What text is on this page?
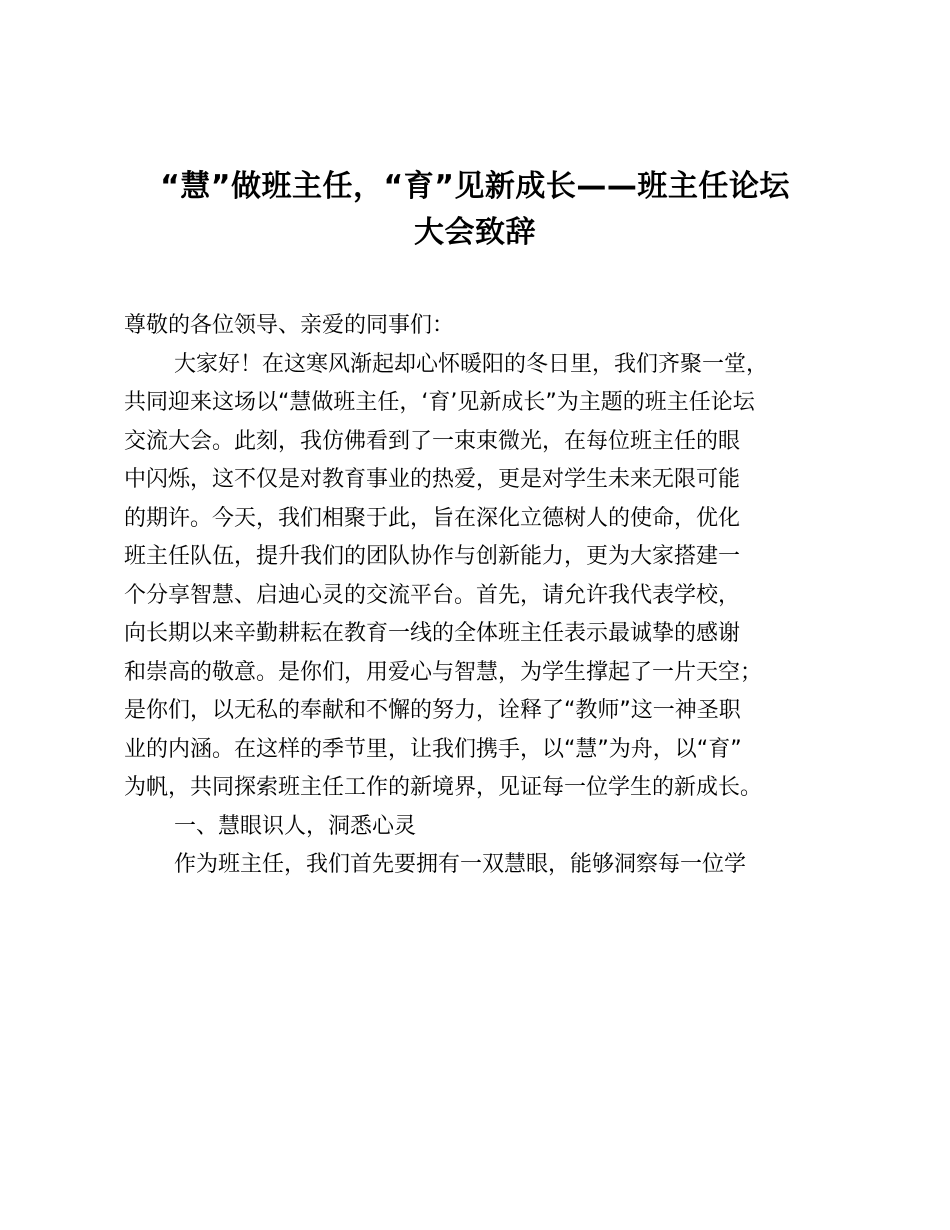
“慧”做班主任，“育”见新成长——班主任论坛
大会致辞

尊敬的各位领导、亲爱的同事们：

大家好！在这寒风渐起却心怀暖阳的冬日里，我们齐聚一堂，
共同迎来这场以“慧做班主任，‘育’见新成长”为主题的班主任论坛
交流大会。此刻，我仿佛看到了一束束微光，在每位班主任的眼
中闪烁，这不仅是对教育事业的热爱，更是对学生未来无限可能
的期许。今天，我们相聚于此，旨在深化立德树人的使命，优化
班主任队伍，提升我们的团队协作与创新能力，更为大家搭建一
个分享智慧、启迪心灵的交流平台。首先，请允许我代表学校，
向长期以来辛勤耕耘在教育一线的全体班主任表示最诚挚的感谢
和崇高的敬意。是你们，用爱心与智慧，为学生撑起了一片天空；
是你们，以无私的奉献和不懈的努力，诠释了“教师”这一神圣职
业的内涵。在这样的季节里，让我们携手，以“慧”为舟，以“育”
为帆，共同探索班主任工作的新境界，见证每一位学生的新成长。

一、慧眼识人，洞悉心灵

作为班主任，我们首先要拥有一双慧眼，能够洞察每一位学
